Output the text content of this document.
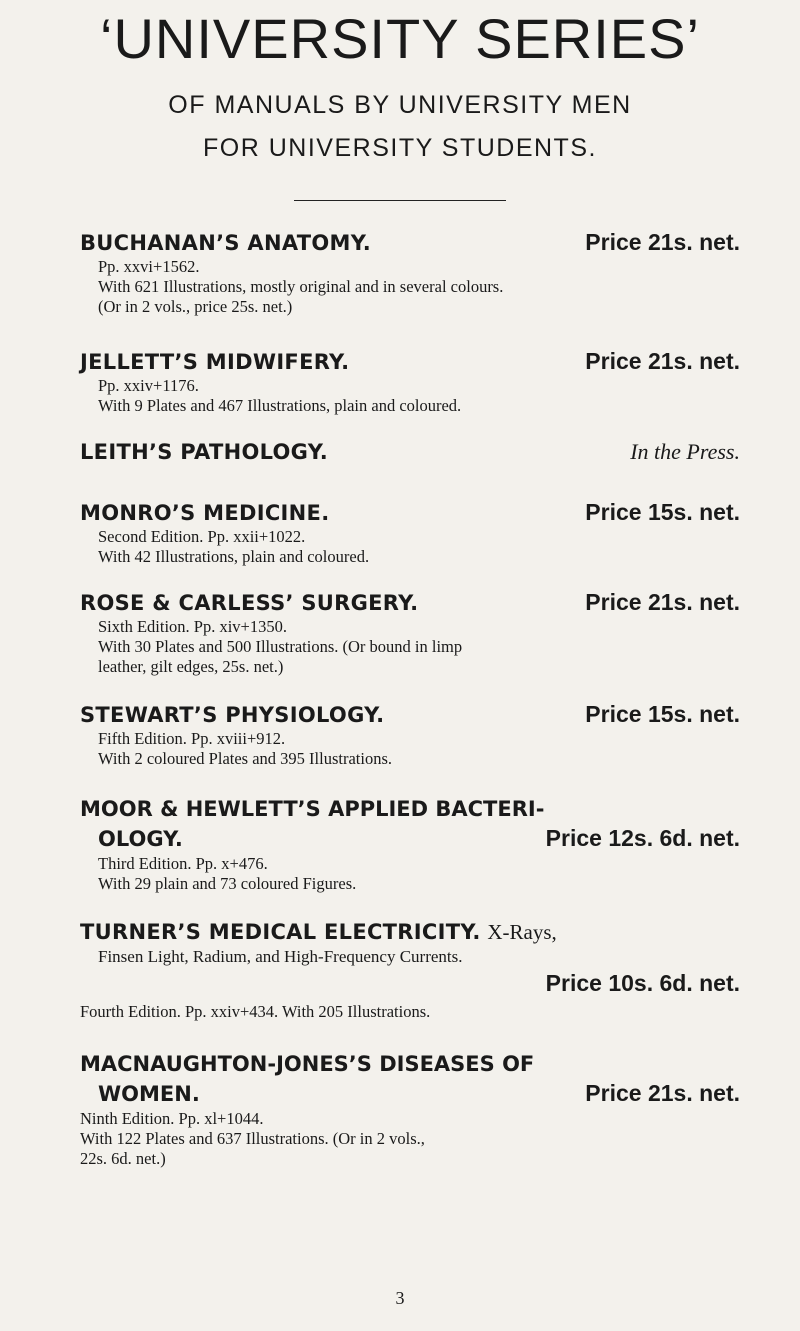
‘UNIVERSITY SERIES’
OF MANUALS BY UNIVERSITY MEN
FOR UNIVERSITY STUDENTS.
BUCHANAN’S ANATOMY.	Price 21s. net.
Pp. xxvi+1562.
With 621 Illustrations, mostly original and in several colours.
(Or in 2 vols., price 25s. net.)
JELLETT’S MIDWIFERY.	Price 21s. net.
Pp. xxiv+1176.
With 9 Plates and 467 Illustrations, plain and coloured.
LEITH’S PATHOLOGY.	In the Press.
MONRO’S MEDICINE.	Price 15s. net.
Second Edition. Pp. xxii+1022.
With 42 Illustrations, plain and coloured.
ROSE & CARLESS’ SURGERY.	Price 21s. net.
Sixth Edition. Pp. xiv+1350.
With 30 Plates and 500 Illustrations. (Or bound in limp
leather, gilt edges, 25s. net.)
STEWART’S PHYSIOLOGY.	Price 15s. net.
Fifth Edition. Pp. xviii+912.
With 2 coloured Plates and 395 Illustrations.
MOOR & HEWLETT’S APPLIED BACTERI-
OLOGY.	Price 12s. 6d. net.
Third Edition. Pp. x+476.
With 29 plain and 73 coloured Figures.
TURNER’S MEDICAL ELECTRICITY. X-Rays,
Finsen Light, Radium, and High-Frequency Currents.
Price 10s. 6d. net.
Fourth Edition. Pp. xxiv+434. With 205 Illustrations.
MACNAUGHTON-JONES’S DISEASES OF
WOMEN.	Price 21s. net.
Ninth Edition. Pp. xl+1044.
With 122 Plates and 637 Illustrations. (Or in 2 vols.,
22s. 6d. net.)
3
